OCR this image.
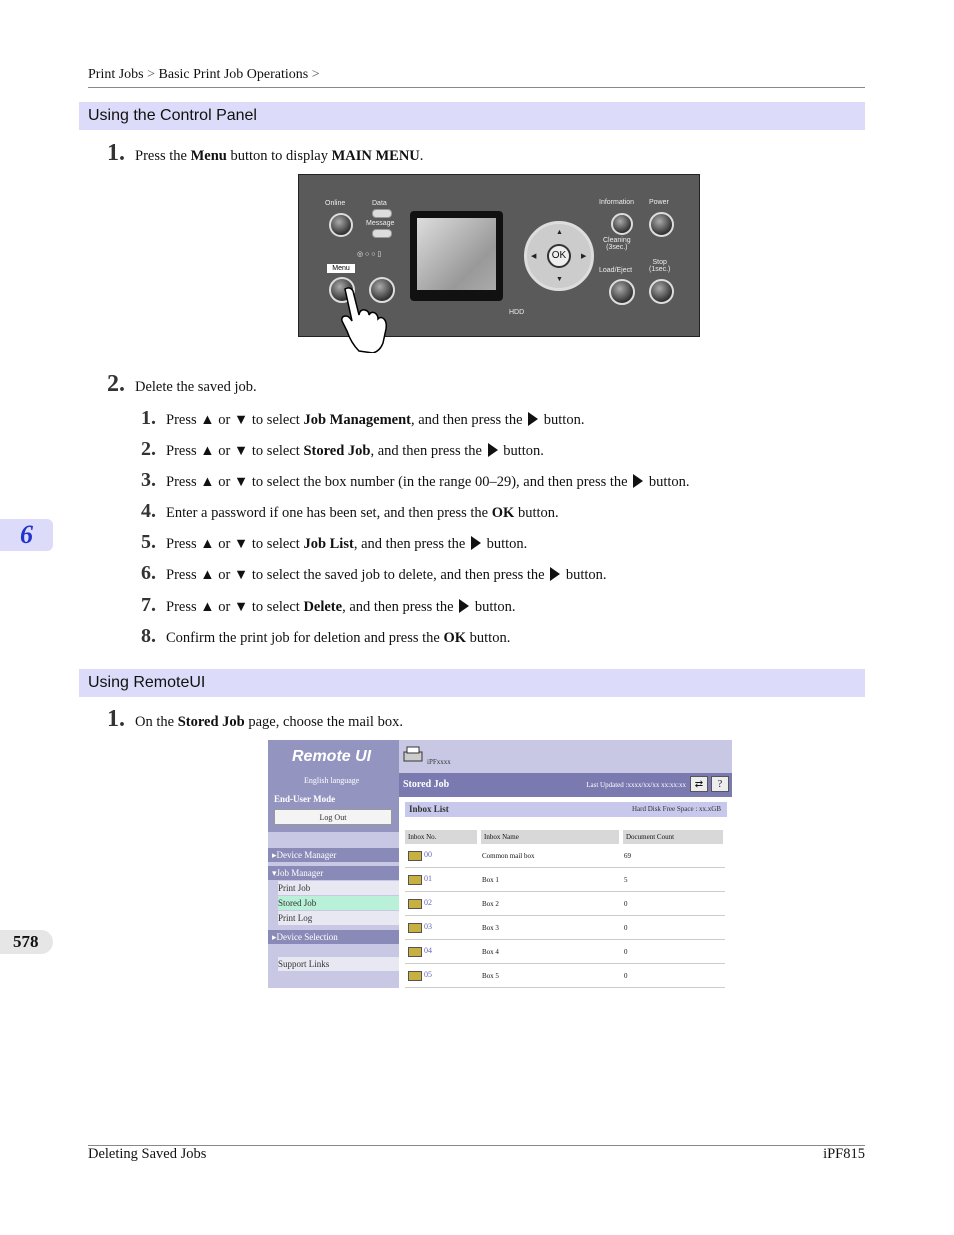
Print Jobs > Basic Print Job Operations >
Using the Control Panel
1. Press the Menu button to display MAIN MENU.
Online	Data
Message
◎ ○ ○ ▯
Menu
HDD
▲
▼
◀	▶
OK
Information Power
Cleaning
(3sec.)
Load/Eject
Stop
(1sec.)
2. Delete the saved job.
1. Press ▲ or ▼ to select Job Management, and then press the button.
2. Press ▲ or ▼ to select Stored Job, and then press the button.
3. Press ▲ or ▼ to select the box number (in the range 00–29), and then press the button.
4. Enter a password if one has been set, and then press the OK button.
5. Press ▲ or ▼ to select Job List, and then press the button.
6. Press ▲ or ▼ to select the saved job to delete, and then press the button.
7. Press ▲ or ▼ to select Delete, and then press the button.
8. Confirm the print job for deletion and press the OK button.
6
Using RemoteUI
1. On the Stored Job page, choose the mail box.
Remote UI
English language
End-User Mode
Log Out
▸Device Manager
▾Job Manager
Print Job
Stored Job
Print Log
▸Device Selection
Support Links
iPFxxxx
Stored Job	Last Updated :xxxx/xx/xx xx:xx:xx ⇄	?
Inbox List	Hard Disk Free Space : xx.xGB
Inbox No.	Inbox Name	Document Count
00	Common mail box	69
01	Box 1	5
02	Box 2	0
03	Box 3	0
04	Box 4	0
05	Box 5	0
578
Deleting Saved Jobs	iPF815
